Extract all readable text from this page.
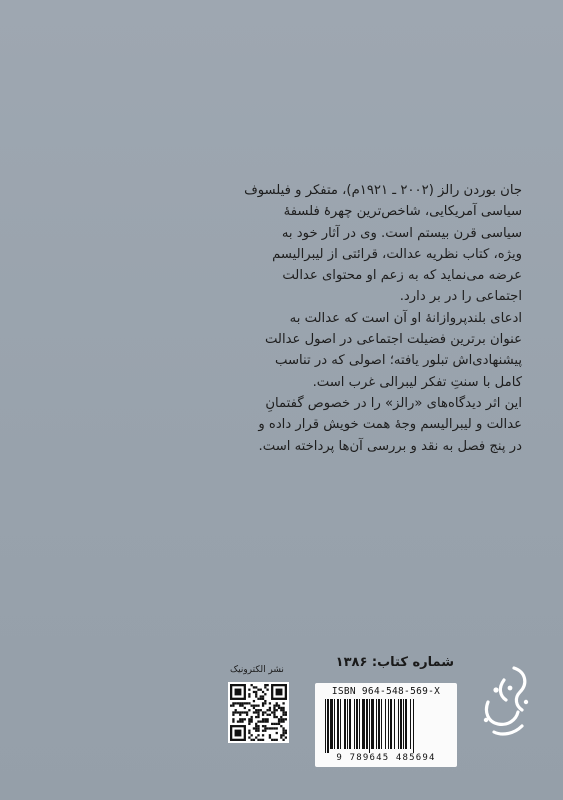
جان بوردن رالز (۲۰۰۲ ـ ۱۹۲۱م)، متفکر و فیلسوف

سیاسی آمریکایی، شاخص‌ترین چهرهٔ فلسفهٔ

سیاسی قرن بیستم است. وی در آثار خود به

ویژه، کتاب نظریه عدالت، قرائتی از لیبرالیسم

عرضه می‌نماید که به زعم او محتوای عدالت

اجتماعی را در بر دارد.

ادعای بلندپروازانهٔ او آن است که عدالت به

عنوان برترین فضیلت اجتماعی در اصول عدالت

پیشنهادی‌اش تبلور یافته؛ اصولی که در تناسب

کامل با سنتِ تفکر لیبرالی غرب است.

این اثر دیدگاه‌های «رالز» را در خصوص گفتمانِ

عدالت و لیبرالیسم وجهٔ همت خویش قرار داده و

در پنج فصل به نقد و بررسی آن‌ها پرداخته است.

شماره کتاب: ۱۳۸۶
ISBN 964-548-569-X
9 789645 485694
نشر الکترونیک
